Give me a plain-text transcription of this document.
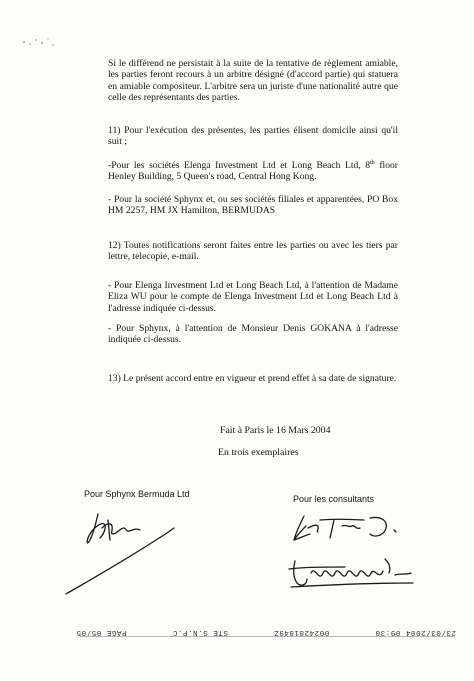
Si le différend ne persistait à la suite de la tentative de règlement amiable, les parties feront recours à un arbitre désigné (d'accord partie) qui statuera en amiable compositeur. L'arbitre sera un juriste d'une nationalité autre que celle des représentants des parties.

11) Pour l'exécution des présentes, les parties élisent domicile ainsi qu'il suit ;

-Pour les sociétés Elenga Investment Ltd et Long Beach Ltd, 8th floor Henley Building, 5 Queen's road, Central Hong Kong.

- Pour la société Sphynx et, ou ses sociétés filiales et apparentées, PO Box HM 2257, HM JX Hamilton, BERMUDAS

12) Toutes notifications seront faites entre les parties ou avec les tiers par lettre, telecopie, e-mail.

- Pour Elenga Investment Ltd et Long Beach Ltd, à l'attention de Madame Eliza WU pour le compte de Elenga Investment Ltd et Long Beach Ltd à l'adresse indiquée ci-dessus.

- Pour Sphynx, à l'attention de Monsieur Denis GOKANA à l'adresse indiquée ci-dessus.

13) Le présent accord entre en vigueur et prend effet à sa date de signature.

Fait à Paris le 16 Mars 2004
En trois exemplaires
Pour Sphynx Bermuda Ltd	Pour les consultants
23/03/2004 09:30
0024281849Z
STE S.N.P.C
PAGE 05/05
